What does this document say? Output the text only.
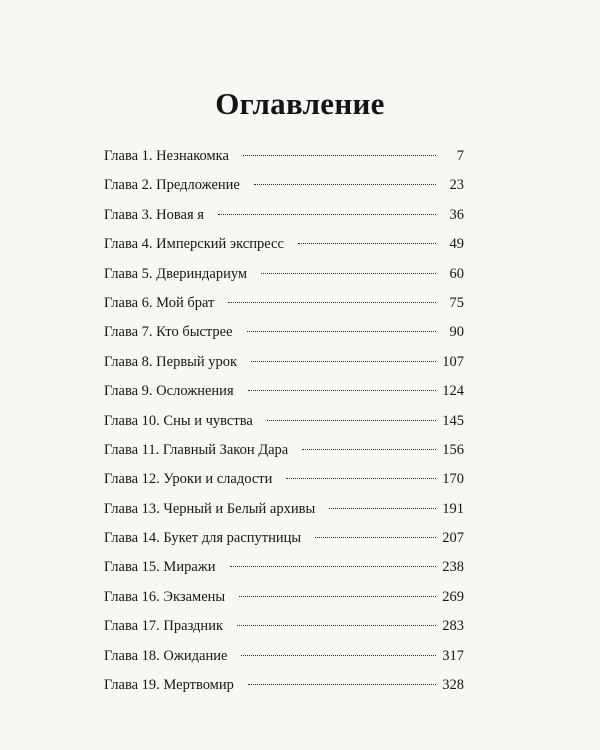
Оглавление
Глава 1. Незнакомка	7
Глава 2. Предложение	23
Глава 3. Новая я	36
Глава 4. Имперский экспресс	49
Глава 5. Двериндариум	60
Глава 6. Мой брат	75
Глава 7. Кто быстрее	90
Глава 8. Первый урок	107
Глава 9. Осложнения	124
Глава 10. Сны и чувства	145
Глава 11. Главный Закон Дара	156
Глава 12. Уроки и сладости	170
Глава 13. Черный и Белый архивы	191
Глава 14. Букет для распутницы	207
Глава 15. Миражи	238
Глава 16. Экзамены	269
Глава 17. Праздник	283
Глава 18. Ожидание	317
Глава 19. Мертвомир	328
